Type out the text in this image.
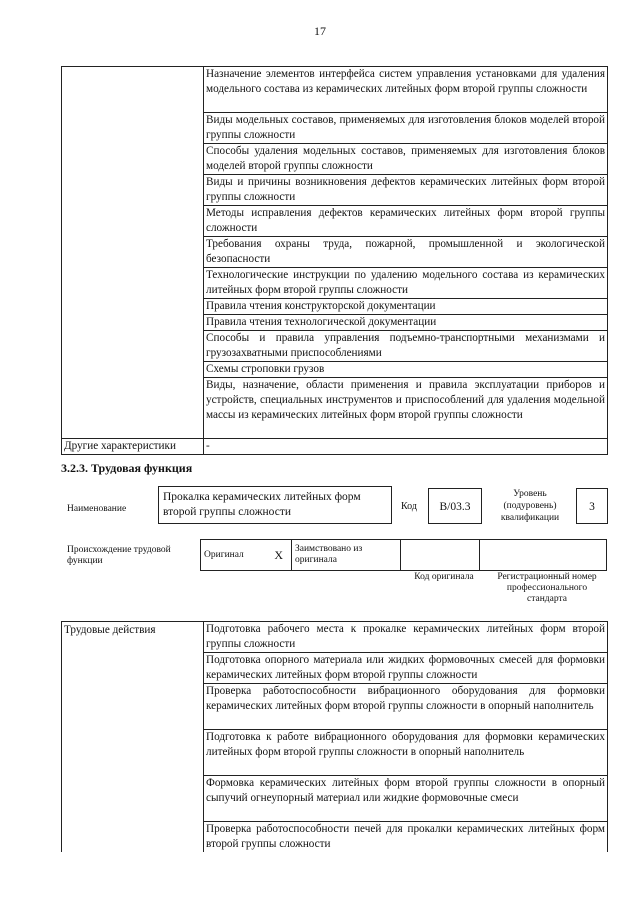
17
	Назначение элементов интерфейса систем управления установками для удаления модельного состава из керамических литейных форм второй группы сложности
	Виды модельных составов, применяемых для изготовления блоков моделей второй группы сложности
	Способы удаления модельных составов, применяемых для изготовления блоков моделей второй группы сложности
	Виды и причины возникновения дефектов керамических литейных форм второй группы сложности
	Методы исправления дефектов керамических литейных форм второй группы сложности
	Требования охраны труда, пожарной, промышленной и экологической безопасности
	Технологические инструкции по удалению модельного состава из керамических литейных форм второй группы сложности
	Правила чтения конструкторской документации
	Правила чтения технологической документации
	Способы и правила управления подъемно-транспортными механизмами и грузозахватными приспособлениями
	Схемы строповки грузов
	Виды, назначение, области применения и правила эксплуатации приборов и устройств, специальных инструментов и приспособлений для удаления модельной массы из керамических литейных форм второй группы сложности
Другие характеристики	-
3.2.3. Трудовая функция
Наименование
Прокалка керамических литейных форм второй группы сложности	Код	B/03.3
Уровень (подуровень) квалификации
3
Происхождение трудовой функции
Оригинал	X	Заимствовано из оригинала		
Код оригинала	Регистрационный номер профессионального стандарта
Трудовые действия	Подготовка рабочего места к прокалке керамических литейных форм второй группы сложности
Подготовка опорного материала или жидких формовочных смесей для формовки керамических литейных форм второй группы сложности
Проверка работоспособности вибрационного оборудования для формовки керамических литейных форм второй группы сложности в опорный наполнитель
Подготовка к работе вибрационного оборудования для формовки керамических литейных форм второй группы сложности в опорный наполнитель
Формовка керамических литейных форм второй группы сложности в опорный сыпучий огнеупорный материал или жидкие формовочные смеси
Проверка работоспособности печей для прокалки керамических литейных форм второй группы сложности
